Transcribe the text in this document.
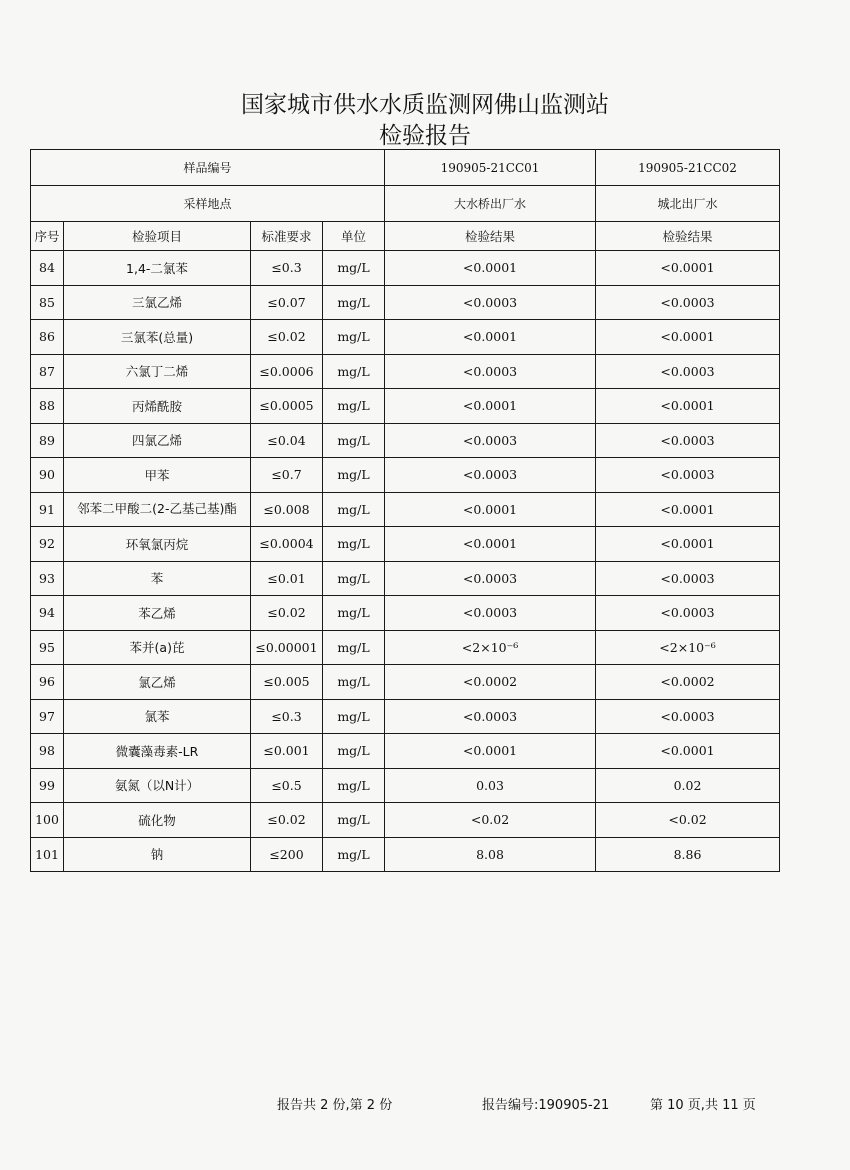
国家城市供水水质监测网佛山监测站
检验报告
样品编号				190905-21CC01	190905-21CC02
采样地点				大水桥出厂水	城北出厂水
序号	检验项目	标准要求	单位	检验结果	检验结果
84	1,4-二氯苯	≤0.3	mg/L	<0.0001	<0.0001
85	三氯乙烯	≤0.07	mg/L	<0.0003	<0.0003
86	三氯苯(总量)	≤0.02	mg/L	<0.0001	<0.0001
87	六氯丁二烯	≤0.0006	mg/L	<0.0003	<0.0003
88	丙烯酰胺	≤0.0005	mg/L	<0.0001	<0.0001
89	四氯乙烯	≤0.04	mg/L	<0.0003	<0.0003
90	甲苯	≤0.7	mg/L	<0.0003	<0.0003
91	邻苯二甲酸二(2-乙基己基)酯	≤0.008	mg/L	<0.0001	<0.0001
92	环氧氯丙烷	≤0.0004	mg/L	<0.0001	<0.0001
93	苯	≤0.01	mg/L	<0.0003	<0.0003
94	苯乙烯	≤0.02	mg/L	<0.0003	<0.0003
95	苯并(a)芘	≤0.00001	mg/L	<2×10⁻⁶	<2×10⁻⁶
96	氯乙烯	≤0.005	mg/L	<0.0002	<0.0002
97	氯苯	≤0.3	mg/L	<0.0003	<0.0003
98	微囊藻毒素-LR	≤0.001	mg/L	<0.0001	<0.0001
99	氨氮（以N计）	≤0.5	mg/L	0.03	0.02
100	硫化物	≤0.02	mg/L	<0.02	<0.02
101	钠	≤200	mg/L	8.08	8.86
报告共 2 份,第 2 份	报告编号:190905-21	第 10 页,共 11 页
